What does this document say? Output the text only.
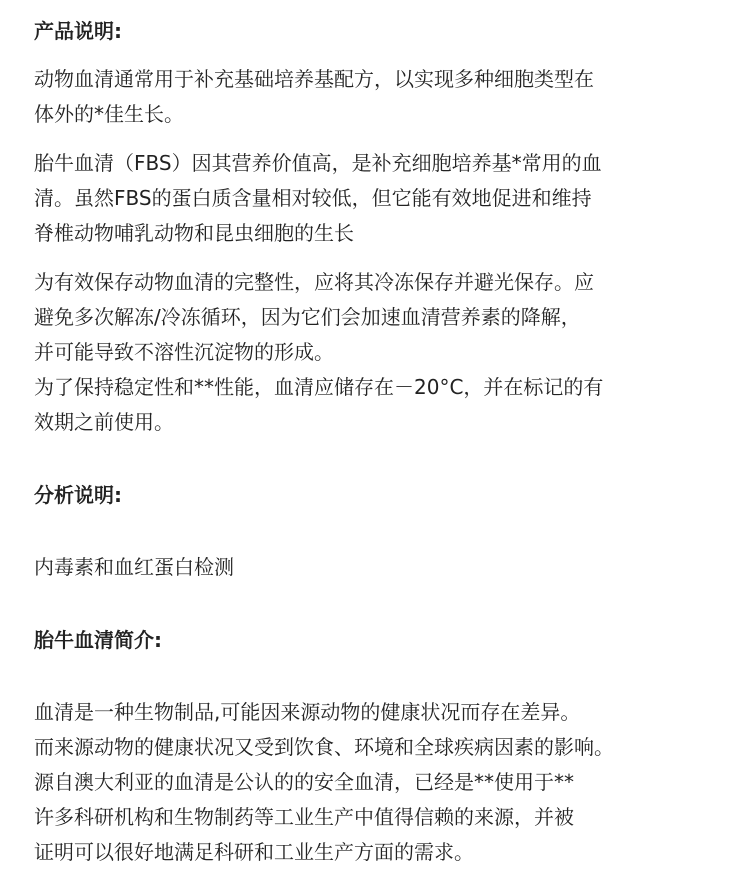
产品说明:

动物血清通常用于补充基础培养基配方，以实现多种细胞类型在
体外的*佳生长。

胎牛血清（FBS）因其营养价值高，是补充细胞培养基*常用的血
清。虽然FBS的蛋白质含量相对较低，但它能有效地促进和维持
脊椎动物哺乳动物和昆虫细胞的生长

为有效保存动物血清的完整性，应将其冷冻保存并避光保存。应
避免多次解冻/冷冻循环，因为它们会加速血清营养素的降解，
并可能导致不溶性沉淀物的形成。

为了保持稳定性和**性能，血清应储存在－20°C，并在标记的有
效期之前使用。

分析说明:

内毒素和血红蛋白检测

胎牛血清简介:

血清是一种生物制品,可能因来源动物的健康状况而存在差异。
而来源动物的健康状况又受到饮食、环境和全球疾病因素的影响。
源自澳大利亚的血清是公认的的安全血清，已经是**使用于**
许多科研机构和生物制药等工业生产中值得信赖的来源，并被
证明可以很好地满足科研和工业生产方面的需求。
